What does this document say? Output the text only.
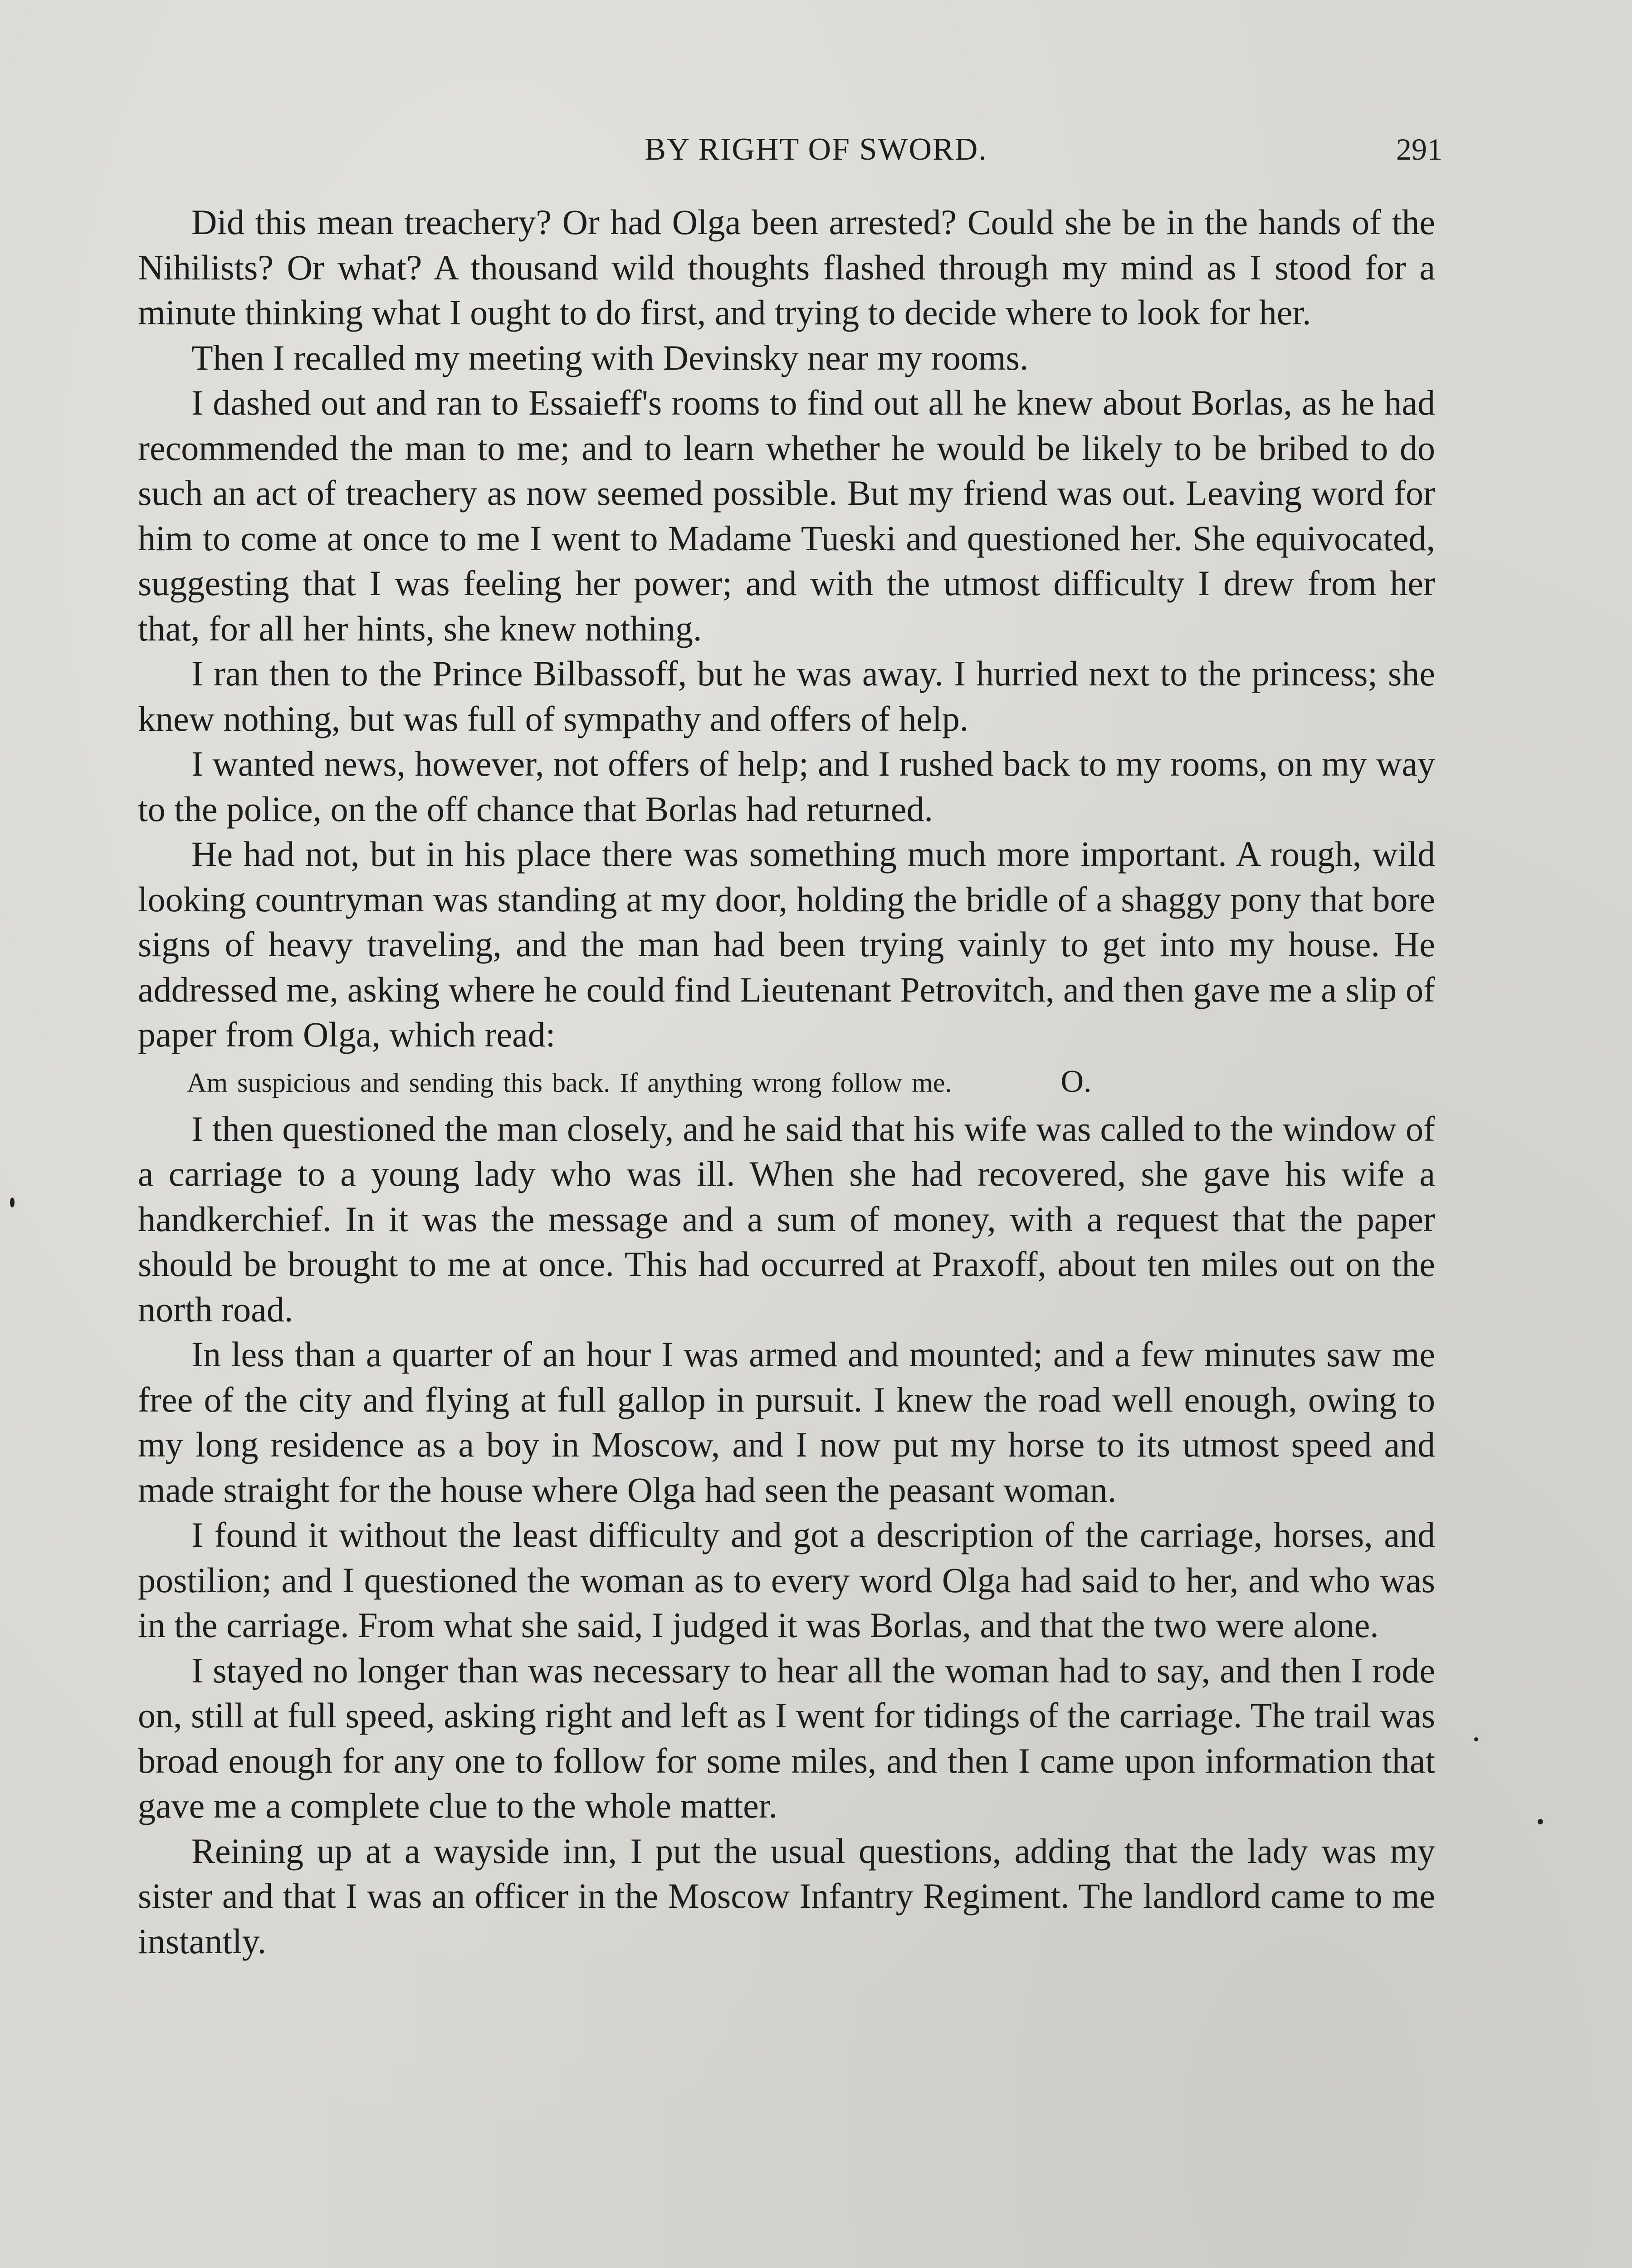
BY RIGHT OF SWORD.	291

Did this mean treachery? Or had Olga been arrested? Could she be in the hands of the Nihilists? Or what? A thousand wild thoughts flashed through my mind as I stood for a minute thinking what I ought to do first, and trying to decide where to look for her.

Then I recalled my meeting with Devinsky near my rooms.

I dashed out and ran to Essaieff's rooms to find out all he knew about Borlas, as he had recommended the man to me; and to learn whether he would be likely to be bribed to do such an act of treachery as now seemed possible. But my friend was out. Leaving word for him to come at once to me I went to Madame Tueski and questioned her. She equivocated, suggesting that I was feeling her power; and with the utmost difficulty I drew from her that, for all her hints, she knew nothing.

I ran then to the Prince Bilbassoff, but he was away. I hurried next to the princess; she knew nothing, but was full of sympathy and offers of help.

I wanted news, however, not offers of help; and I rushed back to my rooms, on my way to the police, on the off chance that Borlas had returned.

He had not, but in his place there was something much more important. A rough, wild looking countryman was standing at my door, holding the bridle of a shaggy pony that bore signs of heavy traveling, and the man had been trying vainly to get into my house. He addressed me, asking where he could find Lieutenant Petrovitch, and then gave me a slip of paper from Olga, which read:

Am suspicious and sending this back. If anything wrong follow me.	O.

I then questioned the man closely, and he said that his wife was called to the window of a carriage to a young lady who was ill. When she had recovered, she gave his wife a handkerchief. In it was the message and a sum of money, with a request that the paper should be brought to me at once. This had occurred at Praxoff, about ten miles out on the north road.

In less than a quarter of an hour I was armed and mounted; and a few minutes saw me free of the city and flying at full gallop in pursuit. I knew the road well enough, owing to my long residence as a boy in Moscow, and I now put my horse to its utmost speed and made straight for the house where Olga had seen the peasant woman.

I found it without the least difficulty and got a description of the carriage, horses, and postilion; and I questioned the woman as to every word Olga had said to her, and who was in the carriage. From what she said, I judged it was Borlas, and that the two were alone.

I stayed no longer than was necessary to hear all the woman had to say, and then I rode on, still at full speed, asking right and left as I went for tidings of the carriage. The trail was broad enough for any one to follow for some miles, and then I came upon information that gave me a complete clue to the whole matter.

Reining up at a wayside inn, I put the usual questions, adding that the lady was my sister and that I was an officer in the Moscow Infantry Regiment. The landlord came to me instantly.
